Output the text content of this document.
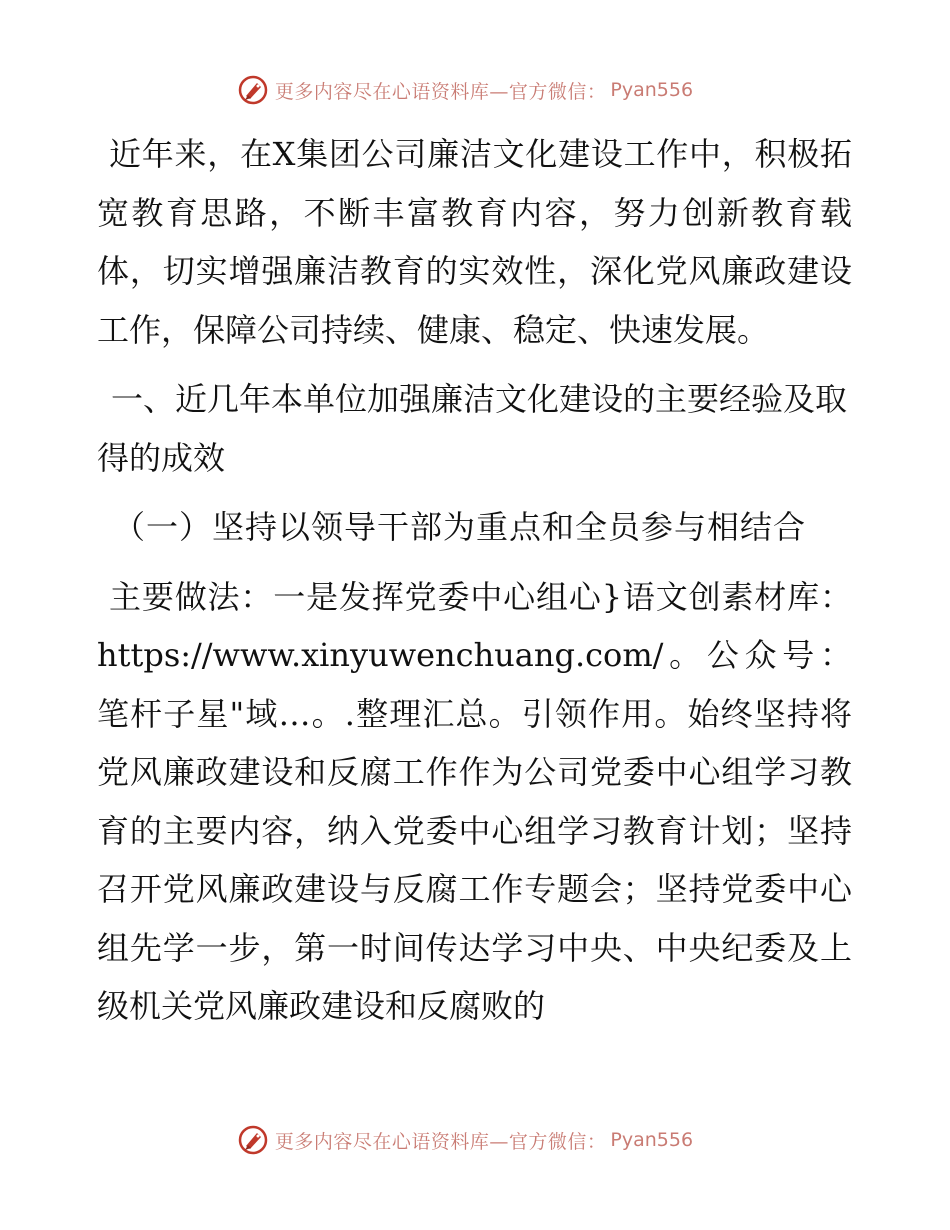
更多内容尽在心语资料库—官方微信： Pyan556

近年来，在X集团公司廉洁文化建设工作中，积极拓宽教育思路，不断丰富教育内容，努力创新教育载体，切实增强廉洁教育的实效性，深化党风廉政建设工作，保障公司持续、健康、稳定、快速发展。

一、近几年本单位加强廉洁文化建设的主要经验及取得的成效

（一）坚持以领导干部为重点和全员参与相结合

主要做法：一是发挥党委中心组心}语文创素材库：https://www.xinyuwenchuang.com/。公众号：笔杆子星"域…。.整理汇总。引领作用。始终坚持将党风廉政建设和反腐工作作为公司党委中心组学习教育的主要内容，纳入党委中心组学习教育计划；坚持召开党风廉政建设与反腐工作专题会；坚持党委中心组先学一步，第一时间传达学习中央、中央纪委及上级机关党风廉政建设和反腐败的

更多内容尽在心语资料库—官方微信： Pyan556
